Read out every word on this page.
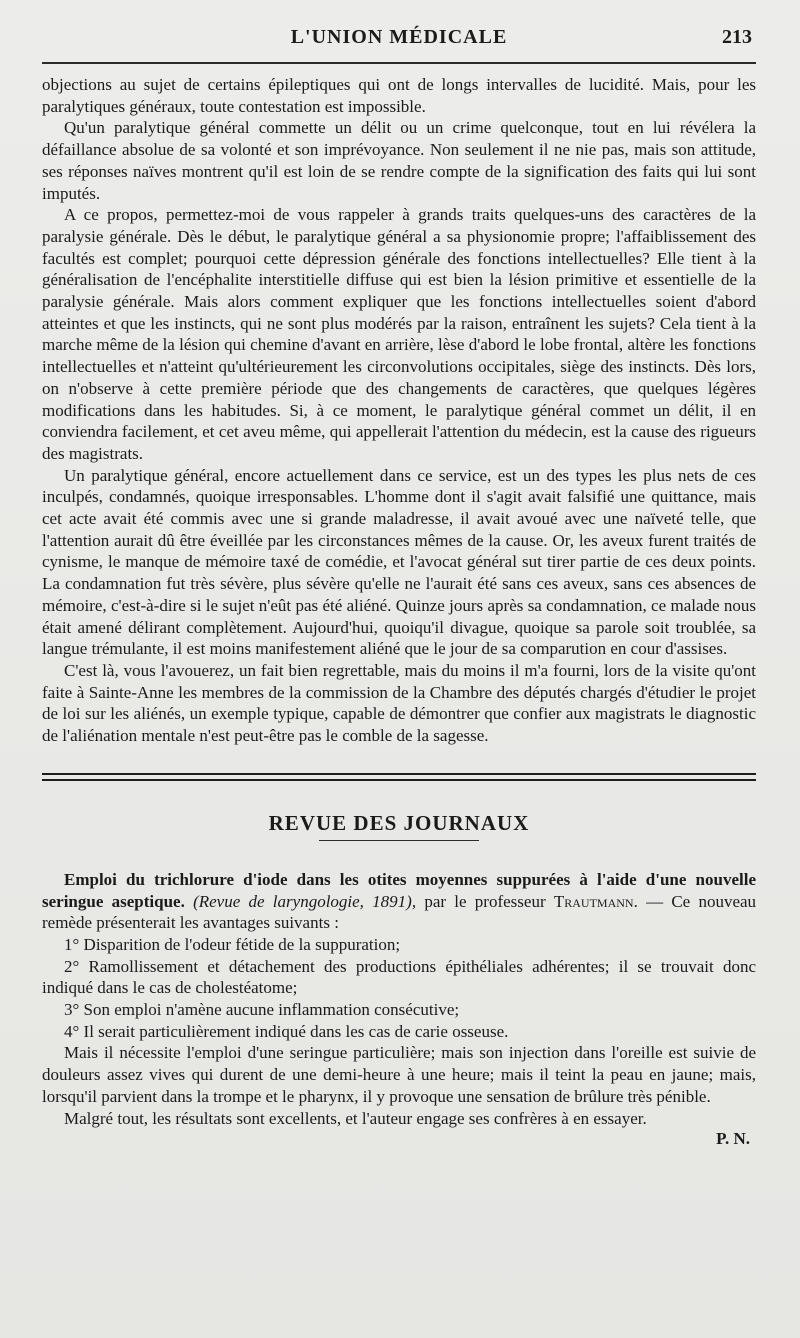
L'UNION MÉDICALE	213

objections au sujet de certains épileptiques qui ont de longs intervalles de lucidité. Mais, pour les paralytiques généraux, toute contestation est impossible.

Qu'un paralytique général commette un délit ou un crime quelconque, tout en lui révélera la défaillance absolue de sa volonté et son imprévoyance. Non seulement il ne nie pas, mais son attitude, ses réponses naïves montrent qu'il est loin de se rendre compte de la signification des faits qui lui sont imputés.

A ce propos, permettez-moi de vous rappeler à grands traits quelques-uns des caractères de la paralysie générale. Dès le début, le paralytique général a sa physionomie propre; l'affaiblissement des facultés est complet; pourquoi cette dépression générale des fonctions intellectuelles? Elle tient à la généralisation de l'encéphalite interstitielle diffuse qui est bien la lésion primitive et essentielle de la paralysie générale. Mais alors comment expliquer que les fonctions intellectuelles soient d'abord atteintes et que les instincts, qui ne sont plus modérés par la raison, entraînent les sujets? Cela tient à la marche même de la lésion qui chemine d'avant en arrière, lèse d'abord le lobe frontal, altère les fonctions intellectuelles et n'atteint qu'ultérieurement les circonvolutions occipitales, siège des instincts. Dès lors, on n'observe à cette première période que des changements de caractères, que quelques légères modifications dans les habitudes. Si, à ce moment, le paralytique général commet un délit, il en conviendra facilement, et cet aveu même, qui appellerait l'attention du médecin, est la cause des rigueurs des magistrats.

Un paralytique général, encore actuellement dans ce service, est un des types les plus nets de ces inculpés, condamnés, quoique irresponsables. L'homme dont il s'agit avait falsifié une quittance, mais cet acte avait été commis avec une si grande maladresse, il avait avoué avec une naïveté telle, que l'attention aurait dû être éveillée par les circonstances mêmes de la cause. Or, les aveux furent traités de cynisme, le manque de mémoire taxé de comédie, et l'avocat général sut tirer partie de ces deux points. La condamnation fut très sévère, plus sévère qu'elle ne l'aurait été sans ces aveux, sans ces absences de mémoire, c'est-à-dire si le sujet n'eût pas été aliéné. Quinze jours après sa condamnation, ce malade nous était amené délirant complètement. Aujourd'hui, quoiqu'il divague, quoique sa parole soit troublée, sa langue trémulante, il est moins manifestement aliéné que le jour de sa comparution en cour d'assises.

C'est là, vous l'avouerez, un fait bien regrettable, mais du moins il m'a fourni, lors de la visite qu'ont faite à Sainte-Anne les membres de la commission de la Chambre des députés chargés d'étudier le projet de loi sur les aliénés, un exemple typique, capable de démontrer que confier aux magistrats le diagnostic de l'aliénation mentale n'est peut-être pas le comble de la sagesse.

REVUE DES JOURNAUX
Emploi du trichlorure d'iode dans les otites moyennes suppurées à l'aide d'une nouvelle seringue aseptique. (Revue de laryngologie, 1891), par le professeur Trautmann. — Ce nouveau remède présenterait les avantages suivants :

1° Disparition de l'odeur fétide de la suppuration;

2° Ramollissement et détachement des productions épithéliales adhérentes; il se trouvait donc indiqué dans le cas de cholestéatome;

3° Son emploi n'amène aucune inflammation consécutive;

4° Il serait particulièrement indiqué dans les cas de carie osseuse.

Mais il nécessite l'emploi d'une seringue particulière; mais son injection dans l'oreille est suivie de douleurs assez vives qui durent de une demi-heure à une heure; mais il teint la peau en jaune; mais, lorsqu'il parvient dans la trompe et le pharynx, il y provoque une sensation de brûlure très pénible.

Malgré tout, les résultats sont excellents, et l'auteur engage ses confrères à en essayer.

P. N.
